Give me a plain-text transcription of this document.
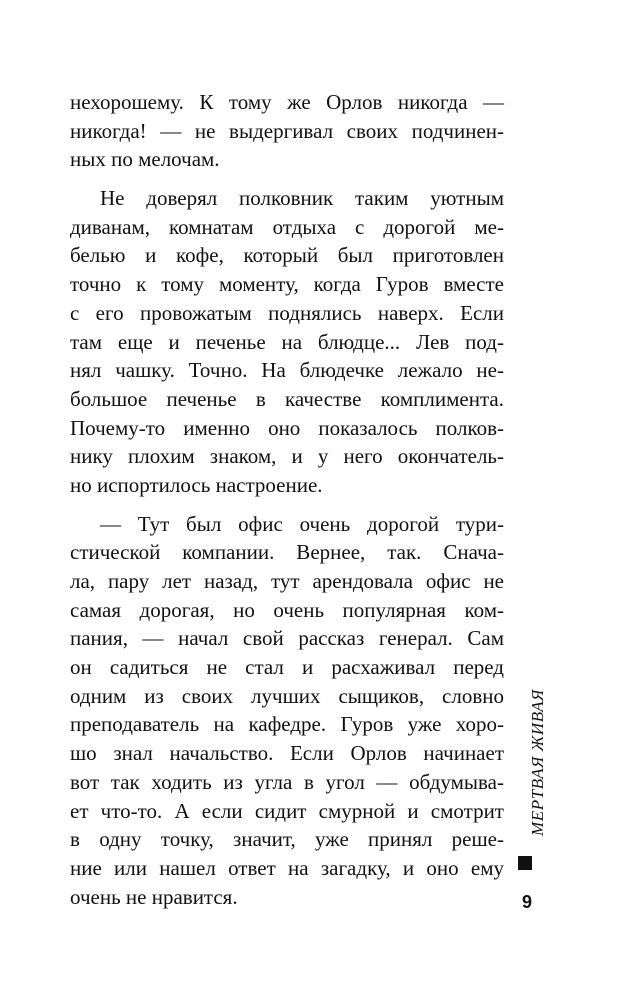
нехорошему. К тому же Орлов никогда —
никогда! — не выдергивал своих подчинен-
ных по мелочам.
Не доверял полковник таким уютным
диванам, комнатам отдыха с дорогой ме-
белью и кофе, который был приготовлен
точно к тому моменту, когда Гуров вместе
с его провожатым поднялись наверх. Если
там еще и печенье на блюдце... Лев под-
нял чашку. Точно. На блюдечке лежало не-
большое печенье в качестве комплимента.
Почему-то именно оно показалось полков-
нику плохим знаком, и у него окончатель-
но испортилось настроение.
— Тут был офис очень дорогой тури-
стической компании. Вернее, так. Снача-
ла, пару лет назад, тут арендовала офис не
самая дорогая, но очень популярная ком-
пания, — начал свой рассказ генерал. Сам
он садиться не стал и расхаживал перед
одним из своих лучших сыщиков, словно
преподаватель на кафедре. Гуров уже хоро-
шо знал начальство. Если Орлов начинает
вот так ходить из угла в угол — обдумыва-
ет что-то. А если сидит смурной и смотрит
в одну точку, значит, уже принял реше-
ние или нашел ответ на загадку, и оно ему
очень не нравится.
МЕРТВАЯ ЖИВАЯ
9
